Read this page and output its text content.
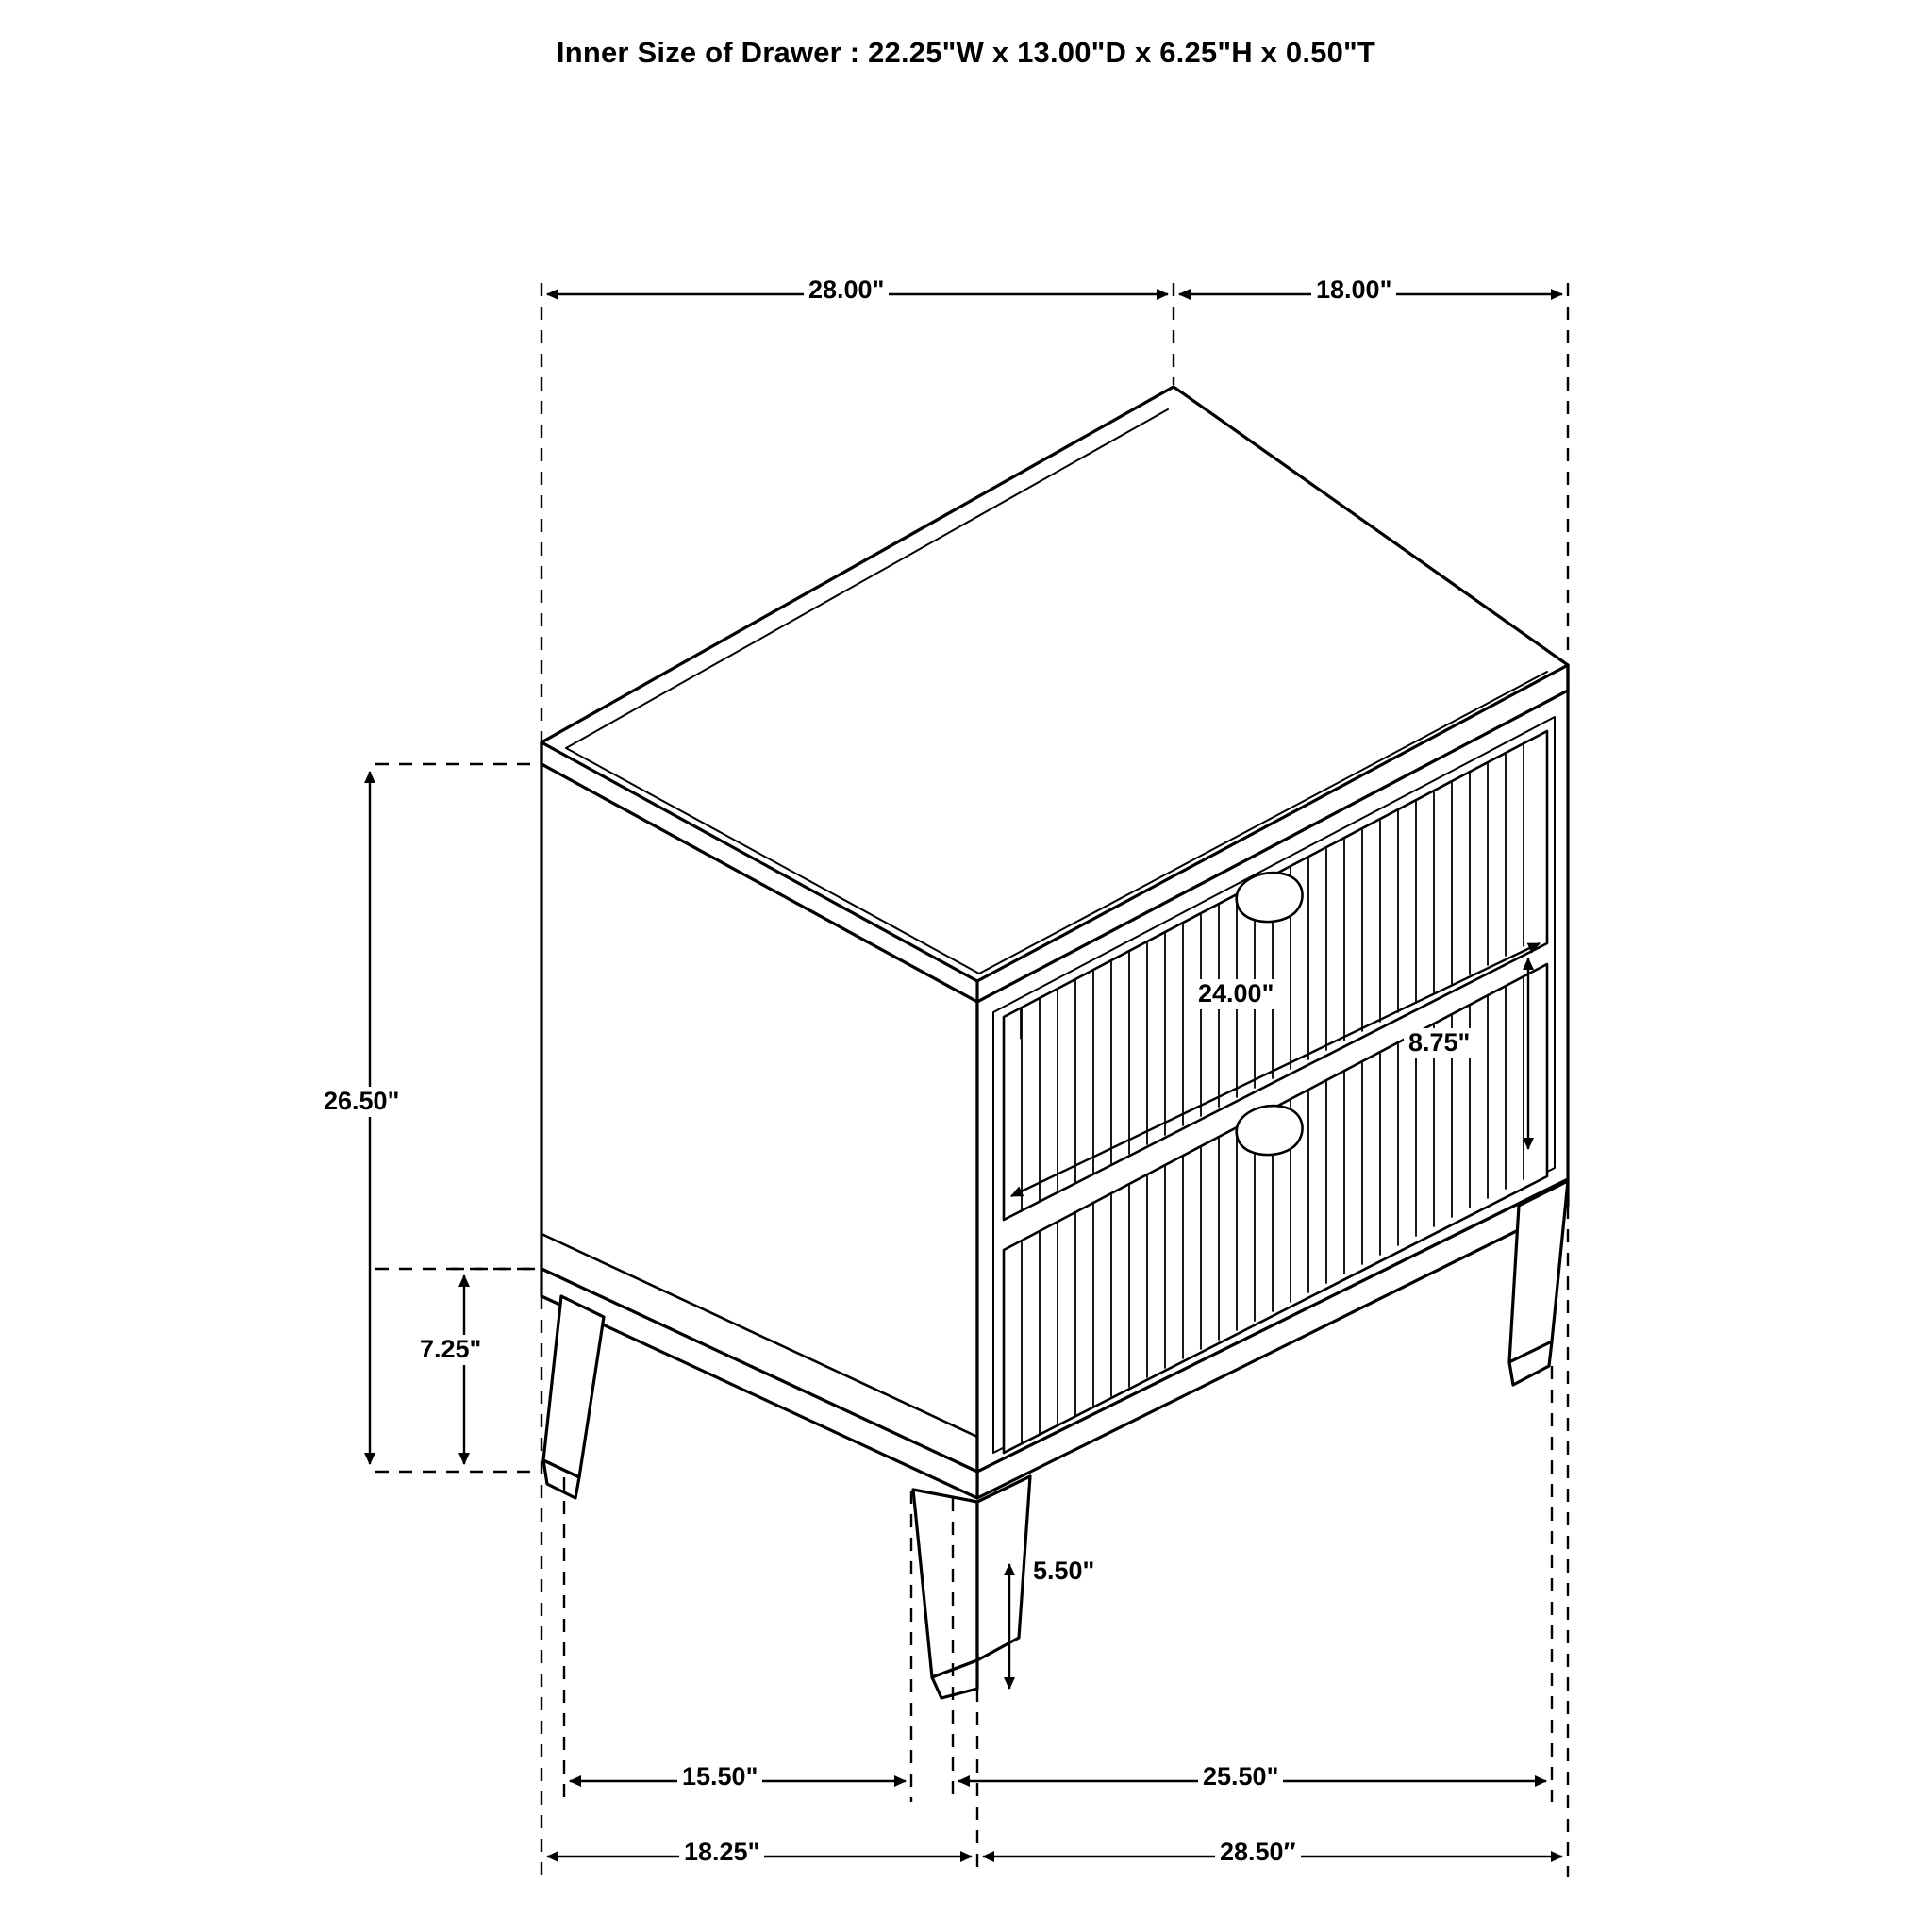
Inner Size of Drawer : 22.25"W x 13.00"D x 6.25"H x 0.50"T
28.00"	18.00"
26.50"
7.25"
24.00"
8.75"
5.50"
15.50"	25.50"
18.25"	28.50″
